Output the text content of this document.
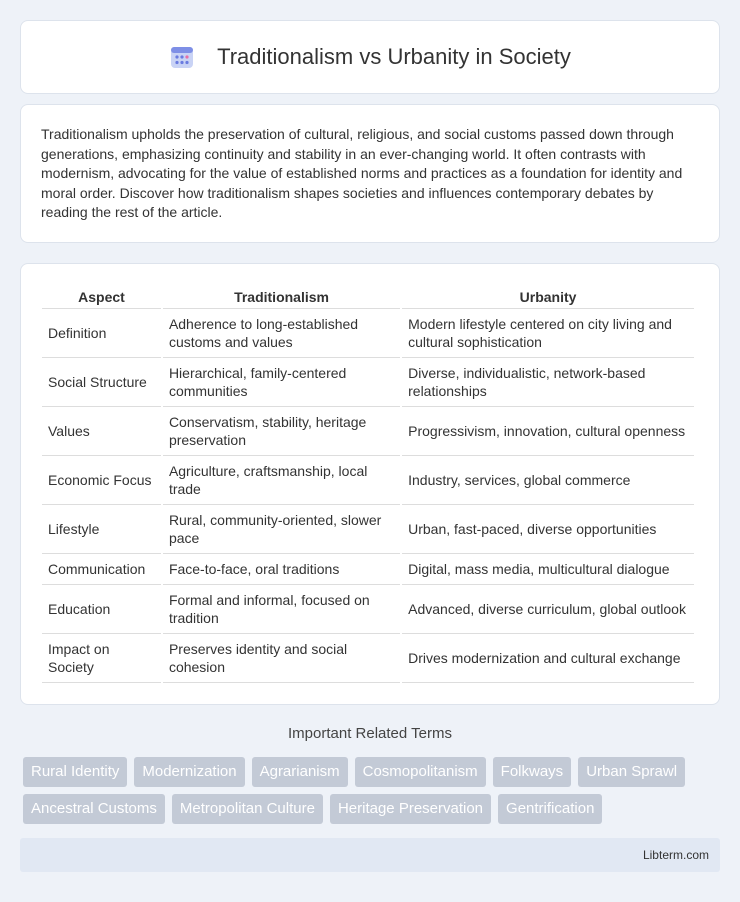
Traditionalism vs Urbanity in Society

Traditionalism upholds the preservation of cultural, religious, and social customs passed down through generations, emphasizing continuity and stability in an ever-changing world. It often contrasts with modernism, advocating for the value of established norms and practices as a foundation for identity and moral order. Discover how traditionalism shapes societies and influences contemporary debates by reading the rest of the article.

Aspect	Traditionalism	Urbanity
Definition	Adherence to long-established customs and values	Modern lifestyle centered on city living and cultural sophistication
Social Structure	Hierarchical, family-centered communities	Diverse, individualistic, network-based relationships
Values	Conservatism, stability, heritage preservation	Progressivism, innovation, cultural openness
Economic Focus	Agriculture, craftsmanship, local trade	Industry, services, global commerce
Lifestyle	Rural, community-oriented, slower pace	Urban, fast-paced, diverse opportunities
Communication	Face-to-face, oral traditions	Digital, mass media, multicultural dialogue
Education	Formal and informal, focused on tradition	Advanced, diverse curriculum, global outlook
Impact on Society	Preserves identity and social cohesion	Drives modernization and cultural exchange
Important Related Terms
Rural Identity	Modernization	Agrarianism	Cosmopolitanism	Folkways	Urban Sprawl
Ancestral Customs	Metropolitan Culture	Heritage Preservation	Gentrification
Libterm.com
